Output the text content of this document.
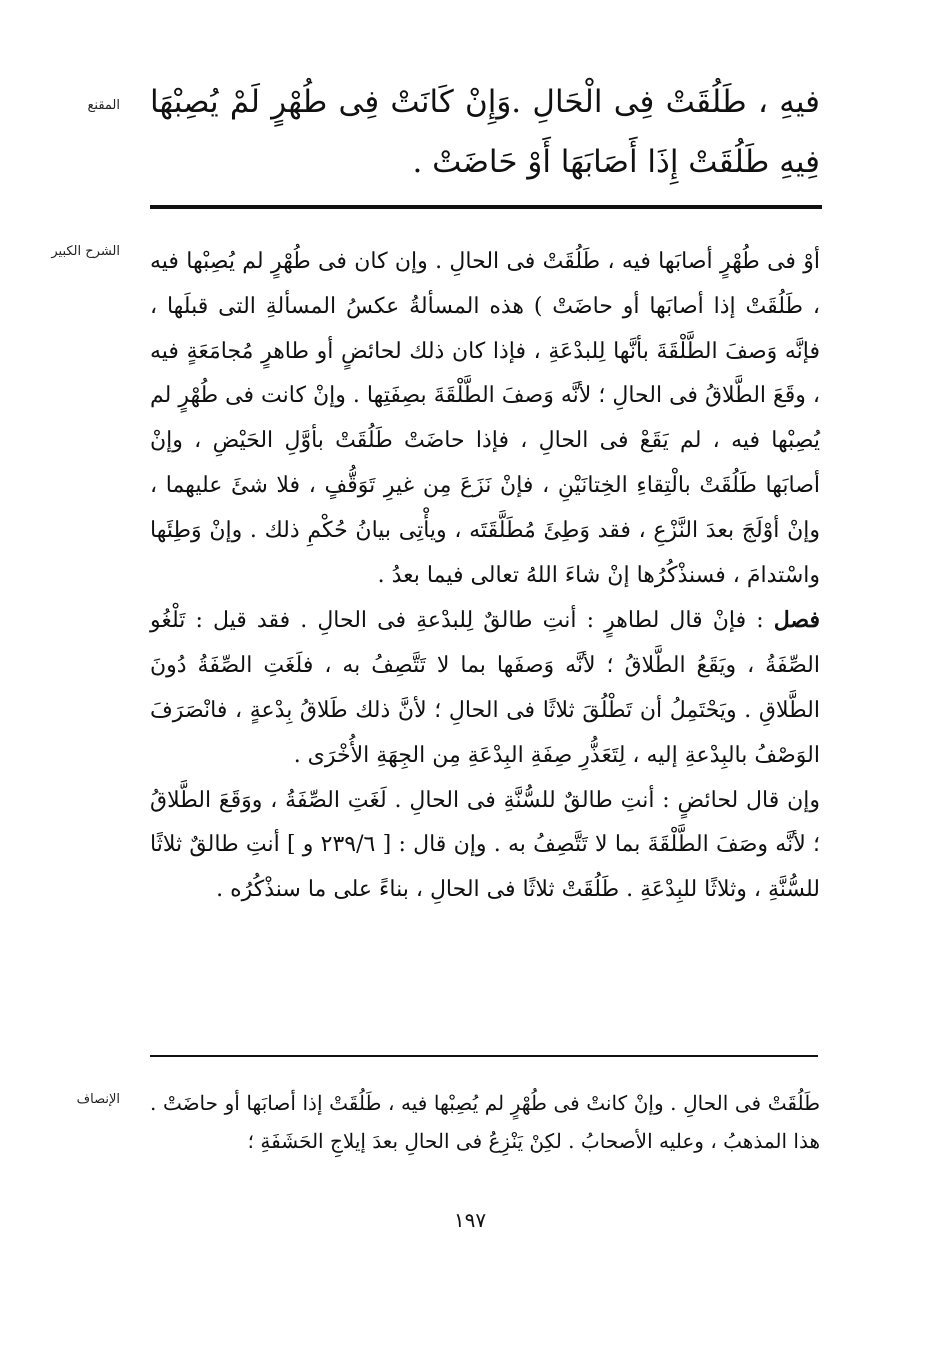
المقنع فيهِ ، طَلُقَتْ فِى الْحَالِ .وَإِنْ كَانَتْ فِى طُهْرٍ لَمْ يُصِبْهَا فِيهِ طَلُقَتْ إِذَا أَصَابَهَا أَوْ حَاضَتْ .
الشرح الكبير أوْ فى طُهْرٍ أصابَها فيه ، طَلُقَتْ فى الحالِ . وإن كان فى طُهْرٍ لم يُصِبْها فيه ، طَلُقَتْ إذا أصابَها أو حاضَتْ ) هذه المسألةُ عكسُ المسألةِ التى قبلَها ، فإنَّه وَصفَ الطَّلْقَةَ بأنَّها لِلبدْعَةِ ، فإذا كان ذلك لحائضٍ أو طاهرٍ مُجامَعَةٍ فيه ، وقَعَ الطَّلاقُ فى الحالِ ؛ لأنَّه وَصفَ الطَّلْقَةَ بصِفَتِها . وإنْ كانت فى طُهْرٍ لم يُصِبْها فيه ، لم يَقَعْ فى الحالِ ، فإذا حاضَتْ طَلُقَتْ بأوَّلِ الحَيْضِ ، وإنْ أصابَها طَلُقَتْ بالْتِقاءِ الخِتانَيْنِ ، فإنْ نَزَعَ مِن غيرِ تَوَقُّفٍ ، فلا شئَ عليهما ، وإنْ أوْلَجَ بعدَ النَّزْعِ ، فقد وَطِئَ مُطَلَّقَتَه ، ويأْتِى بيانُ حُكْمِ ذلك . وإنْ وَطِئَها واسْتدامَ ، فسنذْكُرُها إنْ شاءَ اللهُ تعالى فيما بعدُ .

فصل : فإنْ قال لطاهرٍ : أنتِ طالقٌ لِلبدْعةِ فى الحالِ . فقد قيل : تَلْغُو الصِّفَةُ ، ويَقَعُ الطَّلاقُ ؛ لأنَّه وَصفَها بما لا تَتَّصِفُ به ، فلَغَتِ الصِّفَةُ دُونَ الطَّلاقِ . ويَحْتَمِلُ أن تَطْلُقَ ثلاثًا فى الحالِ ؛ لأنَّ ذلك طَلاقُ بِدْعةٍ ، فانْصَرَفَ الوَصْفُ بالبِدْعةِ إليه ، لِتَعَذُّرِ صِفَةِ البِدْعَةِ مِن الجِهَةِ الأُخْرَى .

وإن قال لحائضٍ : أنتِ طالقٌ للسُّنَّةِ فى الحالِ . لَغَتِ الصِّفَةُ ، ووَقَعَ الطَّلاقُ ؛ لأنَّه وصَفَ الطَّلْقَةَ بما لا تَتَّصِفُ به . وإن قال : [ ٢٣٩/٦ و ] أنتِ طالقٌ ثلاثًا للسُّنَّةِ ، وثلاثًا للبِدْعَةِ . طَلُقَتْ ثلاثًا فى الحالِ ، بناءً على ما سنذْكُرُه .

الإنصاف طَلُقَتْ فى الحالِ . وإنْ كانتْ فى طُهْرٍ لم يُصِبْها فيه ، طَلُقَتْ إذا أصابَها أو حاضَتْ . هذا المذهبُ ، وعليه الأصحابُ . لكِنْ يَنْزِعُ فى الحالِ بعدَ إيلاجِ الحَشَفَةِ ؛
١٩٧
